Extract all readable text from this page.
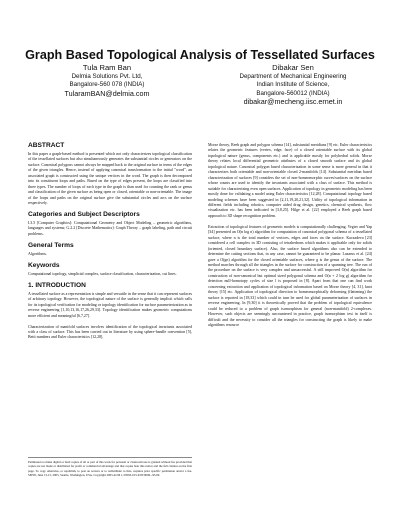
Graph Based Topological Analysis of Tessellated Surfaces
Tula Ram Ban
Delmia Solutions Pvt. Ltd,
Bangalore-560 078 (INDIA)
TularamBAN@delmia.com
Dibakar Sen
Department of Mechanical Engineering
Indian Institute of Science,
Bangalore-560012 (INDIA)
dibakar@mecheng.iisc.ernet.in
ABSTRACT

In this paper a graph-based method is presented which not only characterizes topological classification of the tessellated surfaces but also simultaneously generates the substantial circles or generators on the surface. Canonical polygons cannot always be mapped back to the original surface in terms of the edges of the given triangles. Hence, instead of applying canonical transformation to the initial "word", an associated graph is constructed using the unique vertices in the word. The graph is then decomposed into its constituent loops and paths. Based on the type of edges present, the loops are classified into three types. The number of loops of each type in the graph is than used for counting the rank or genus and classification of the given surface as being open or closed, orientable or non-orientable. The image of the loops and paths on the original surface give the substantial circles and arcs on the surface respectively.

Categories and Subject Descriptors

I.3.5 [Computer Graphics]: Computational Geometry and Object Modeling – geometric algorithms, languages and systems; G.2.2 [Discrete Mathematics]: Graph Theory – graph labeling, path and circuit problems.

General Terms

Algorithms.

Keywords

Computational topology, simplicial complex, surface classification, characterization, cut lines.

1. INTRODUCTION

A tessellated surface as a representation is simple and versatile in the sense that it can represent surfaces of arbitrary topology. However, the topological nature of the surface is generally implicit which calls for its topological verification for modeling or topology identification for surface parameterization as in reverse engineering [1,10,13,16,17,26,29,33]. Topology identification makes geometric computations more efficient and meaningful [6,7,27].

Characterization of manifold surfaces involves identification of the topological invariants associated with a class of surface. This has been carried out in literature by using sphere-handle convention [5], Betti numbers and Euler characteristics [12,28],

Permission to make digital or hard copies of all or part of this work for personal or classroom use is granted without fee provided that copies are not made or distributed for profit or commercial advantage and that copies bear this notice and the full citation on the first page. To copy otherwise, or republish, to post on servers or to redistribute to lists, requires prior specific permission and/or a fee. SM'05, June 13-15, 2005, Seattle, Washington, USA. Copyright 2005 ACM 1-59593-015-9/05/0006...$5.00.

Morse theory, Reeb graph and polygon schema [14], substantial meridians [9] etc. Euler characteristics relates the geometric features (vertex, edge, face) of a closed orientable surface with its global topological nature (genus, components etc.) and is applicable mostly for polyhedral solids. Morse theory relates local differential geometric attributes of a closed smooth surface and its global topological nature. Canonical polygon based characterization in some sense is more general in that it characterizes both orientable and non-orientable closed 2-manifolds [14]. Substantial meridian based characterization of surfaces [9] considers the set of non-homeomorphic curves/surfaces on the surface whose counts are used to identify the invariants associated with a class of surface. This method is suitable for characterizing even open surfaces. Application of topology in geometric modeling has been mostly done for validating a model using Euler characteristics [12,28]. Computational topology based modeling schemes have been suggested in [2,11,19,20,21,32]. Utility of topological information in different fields including robotics, computer aided drug design, genetics, chemical synthesis, flow visualization etc. has been indicated in [3,8,25]. Hilge et al. [22] employed a Reeb graph based approach to 3D shape recognition problem.

Extraction of topological features of geometric models is computationally challenging. Vegter and Yap [34] presented an O(n log n) algorithm for computation of canonical polygonal schema of a tessellated surface, where n is the total number of vertices, edges and faces on the surface. Kaczadeva [23] considered a cell complex in 3D consisting of tetrahedrons which makes it applicable only for solids (oriented, closed boundary surface). Also, the surface based algorithms also can be extended to determine the cutting sections that, in any case, cannot be guaranteed to be planar. Lazarus et al. [24] gave a O(gn) algorithm for the closed orientable surfaces, where g is the genus of the surface. The method marches through all the triangles in the surface for construction of a spanning tree. The run of the procedure on the surface is very complex and unsuccessful. A still improved O(n) algorithm for construction of non-canonical but optimal sized polygonal schema and O(n + 2 log g) algorithm for detection null-homotopy cycles of size l is proposed in [8]. Apart from that one can find work concerning extraction and application of topological information based on Morse theory [4, 31], knot theory [15] etc. Application of topological direction to homeomorphically deforming (flattening) the surface is reported in [18,33] which could in turn be used for global parameterization of surfaces in reverse engineering. In [9,30] it is theoretically proved that the problem of topological equivalence could be reduced to a problem of graph isomorphism for general (non-manifold) 2-complexes. However, such objects are seemingly uncountered in practice, graph isomorphism test in itself is difficult and the necessity to consider all the triangles for constructing the graph is likely to make algorithms resource
